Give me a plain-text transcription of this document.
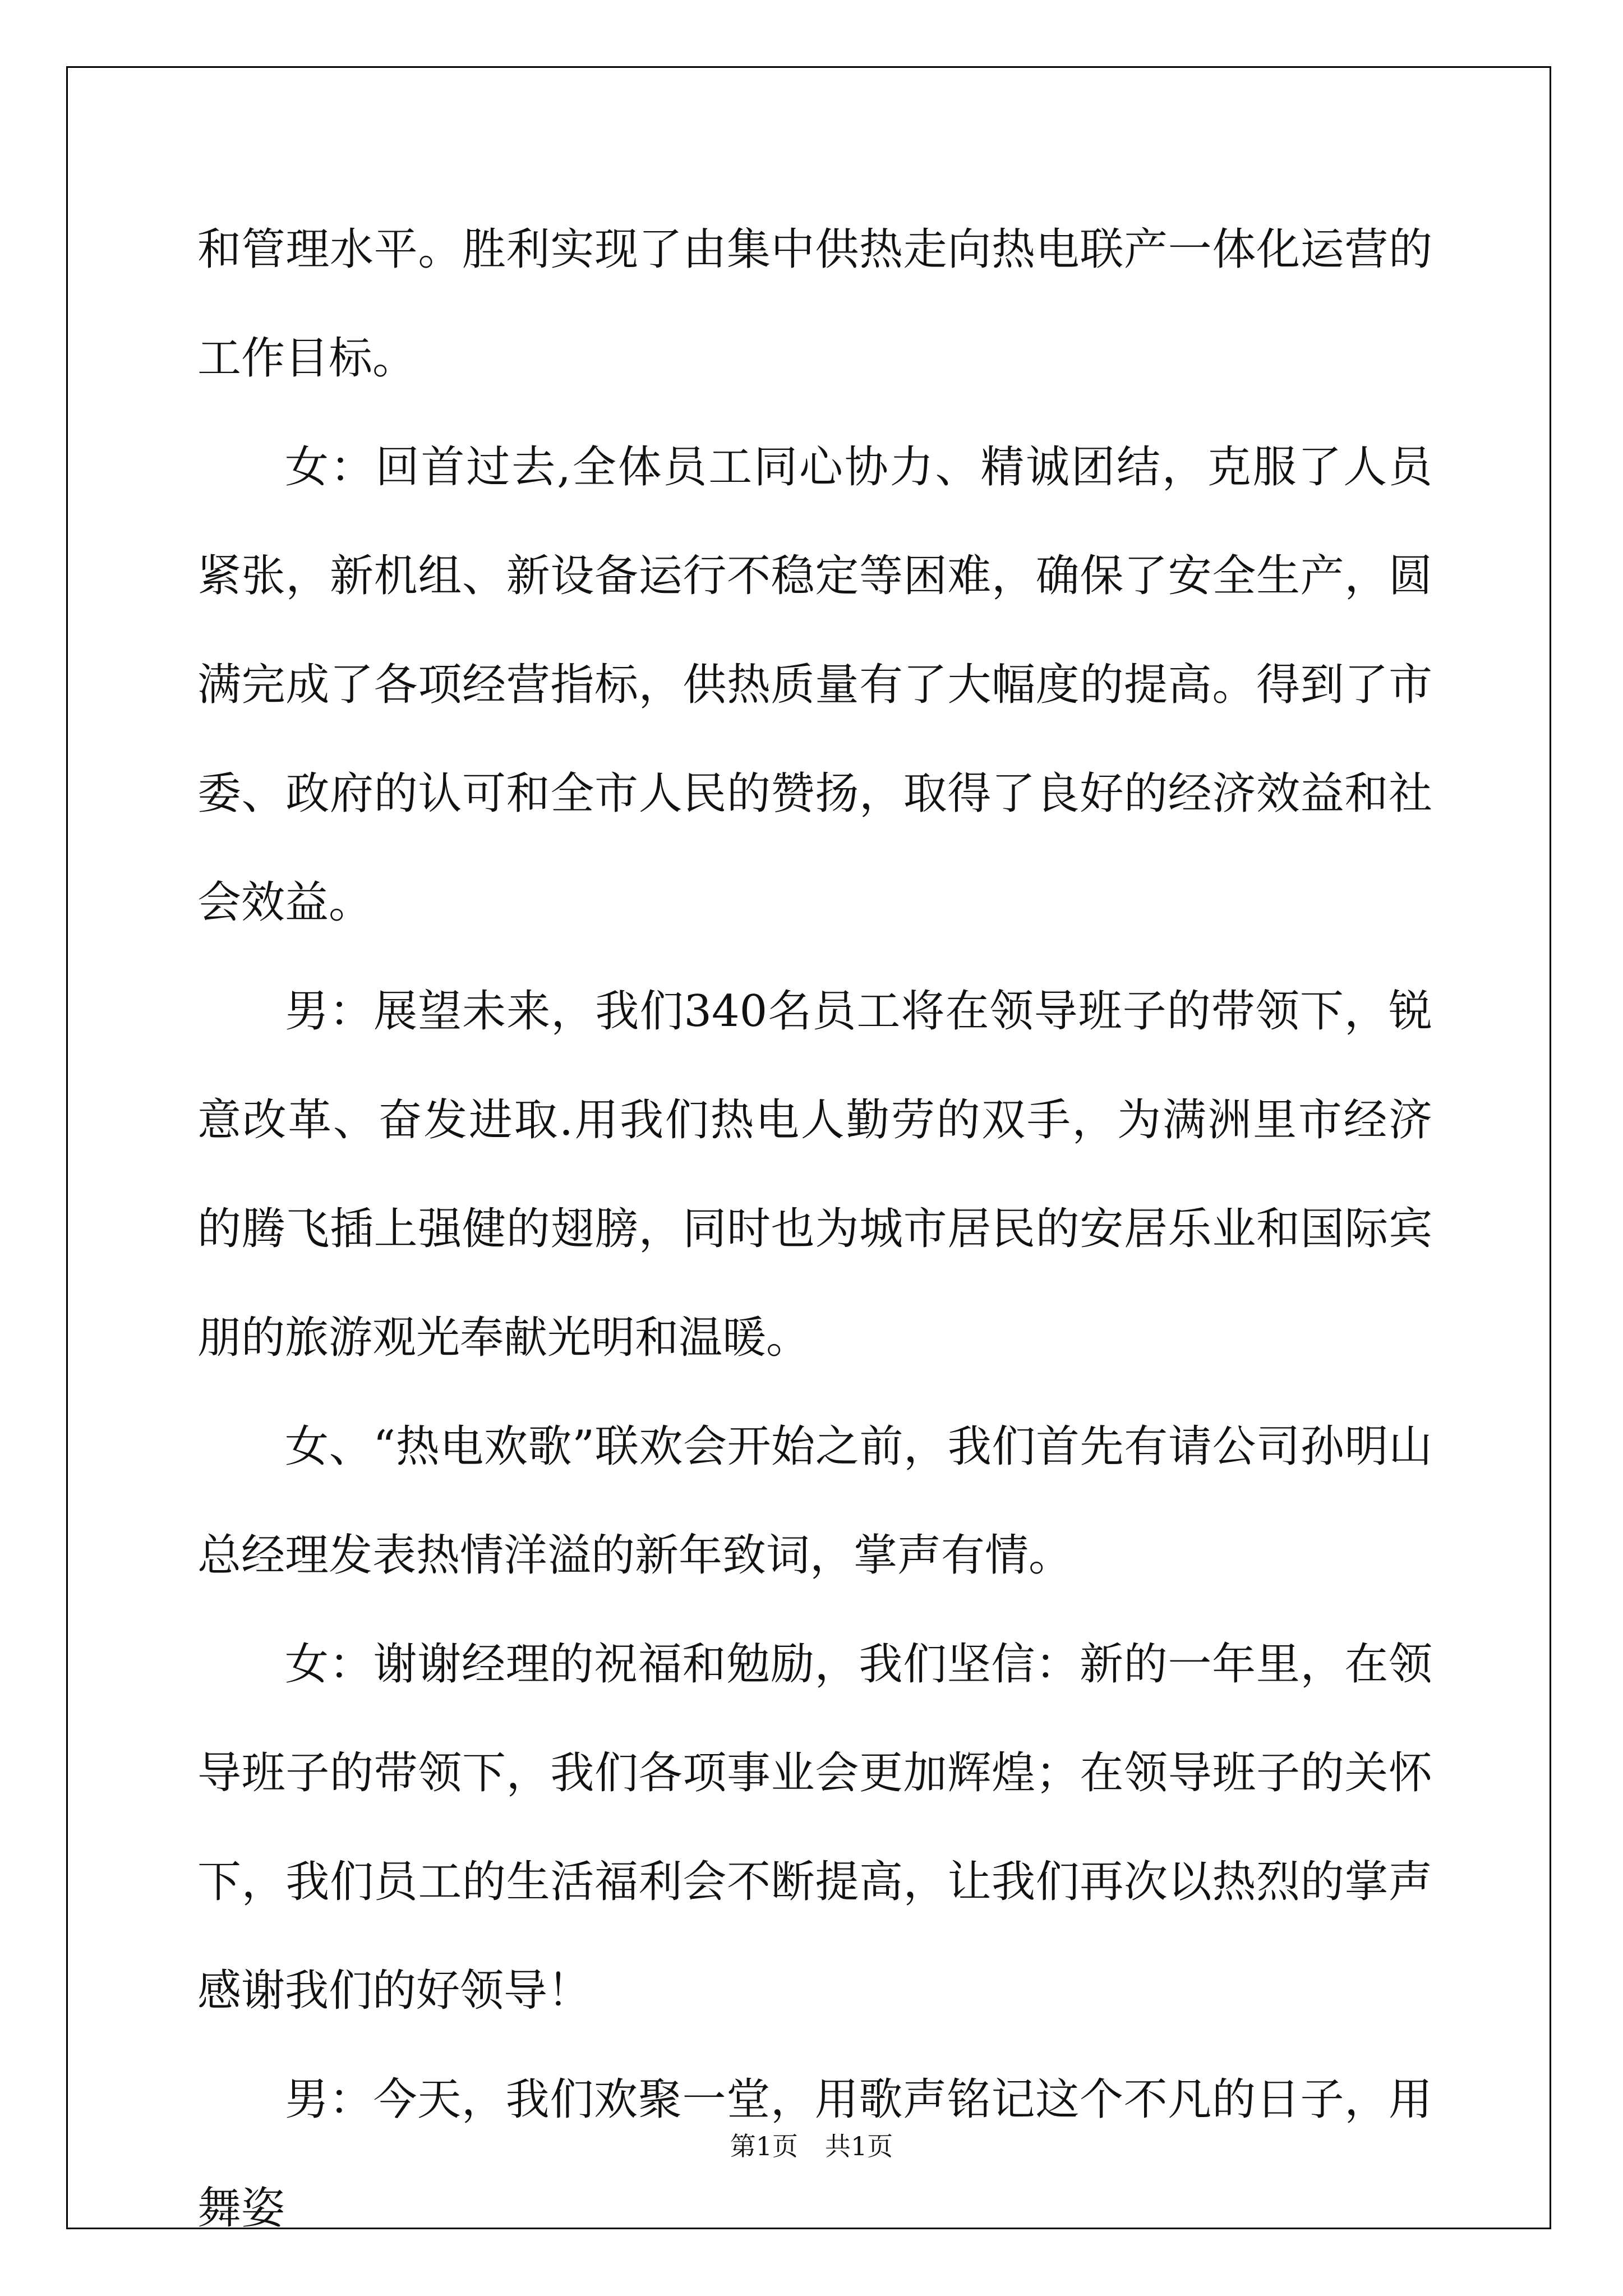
和管理水平。胜利实现了由集中供热走向热电联产一体化运营的工作目标。

女：回首过去,全体员工同心协力、精诚团结，克服了人员紧张，新机组、新设备运行不稳定等困难，确保了安全生产，圆满完成了各项经营指标，供热质量有了大幅度的提高。得到了市委、政府的认可和全市人民的赞扬，取得了良好的经济效益和社会效益。

男：展望未来，我们340名员工将在领导班子的带领下，锐意改革、奋发进取.用我们热电人勤劳的双手，为满洲里市经济的腾飞插上强健的翅膀，同时也为城市居民的安居乐业和国际宾朋的旅游观光奉献光明和温暖。

女、“热电欢歌”联欢会开始之前，我们首先有请公司孙明山总经理发表热情洋溢的新年致词，掌声有情。

女：谢谢经理的祝福和勉励，我们坚信：新的一年里，在领导班子的带领下，我们各项事业会更加辉煌；在领导班子的关怀下，我们员工的生活福利会不断提高，让我们再次以热烈的掌声感谢我们的好领导！

男：今天，我们欢聚一堂，用歌声铭记这个不凡的日子，用舞姿

第1页 共1页
